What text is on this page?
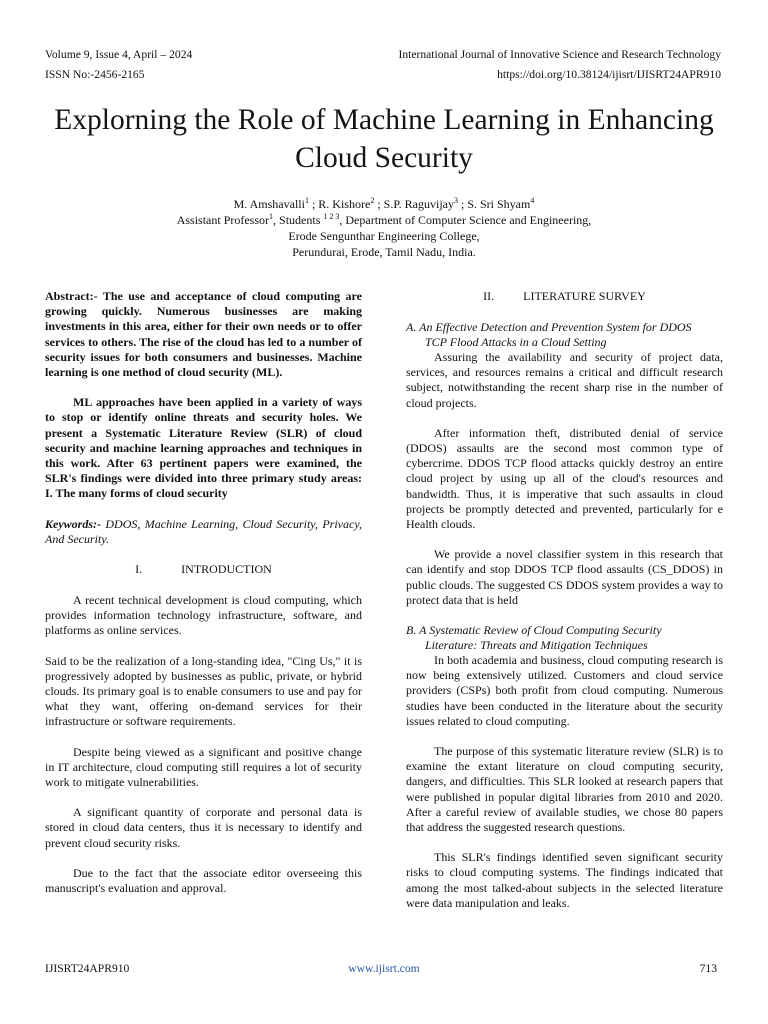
Volume 9, Issue 4, April – 2024
ISSN No:-2456-2165
International Journal of Innovative Science and Research Technology
https://doi.org/10.38124/ijisrt/IJISRT24APR910
Explorning the Role of Machine Learning in Enhancing Cloud Security
M. Amshavalli$^1$ ; R. Kishore$^2$ ; S.P. Raguvijay$^3$ ; S. Sri Shyam$^4$
Assistant Professor$^1$, Students $^{1 2 3}$, Department of Computer Science and Engineering,
Erode Sengunthar Engineering College,
Perundurai, Erode, Tamil Nadu, India.

Abstract:- The use and acceptance of cloud computing are growing quickly. Numerous businesses are making investments in this area, either for their own needs or to offer services to others. The rise of the cloud has led to a number of security issues for both consumers and businesses. Machine learning is one method of cloud security (ML).

ML approaches have been applied in a variety of ways to stop or identify online threats and security holes. We present a Systematic Literature Review (SLR) of cloud security and machine learning approaches and techniques in this work. After 63 pertinent papers were examined, the SLR's findings were divided into three primary study areas: I. The many forms of cloud security

Keywords:- DDOS, Machine Learning, Cloud Security, Privacy, And Security.

I.	INTRODUCTION

A recent technical development is cloud computing, which provides information technology infrastructure, software, and platforms as online services.

Said to be the realization of a long-standing idea, "Cing Us," it is progressively adopted by businesses as public, private, or hybrid clouds. Its primary goal is to enable consumers to use and pay for what they want, offering on-demand services for their infrastructure or software requirements.

Despite being viewed as a significant and positive change in IT architecture, cloud computing still requires a lot of security work to mitigate vulnerabilities.

A significant quantity of corporate and personal data is stored in cloud data centers, thus it is necessary to identify and prevent cloud security risks.

Due to the fact that the associate editor overseeing this manuscript's evaluation and approval.

II.	LITERATURE SURVEY
A. An Effective Detection and Prevention System for DDOS
TCP Flood Attacks in a Cloud Setting

Assuring the availability and security of project data, services, and resources remains a critical and difficult research subject, notwithstanding the recent sharp rise in the number of cloud projects.

After information theft, distributed denial of service (DDOS) assaults are the second most common type of cybercrime. DDOS TCP flood attacks quickly destroy an entire cloud project by using up all of the cloud's resources and bandwidth. Thus, it is imperative that such assaults in cloud projects be promptly detected and prevented, particularly for e Health clouds.

We provide a novel classifier system in this research that can identify and stop DDOS TCP flood assaults (CS_DDOS) in public clouds. The suggested CS DDOS system provides a way to protect data that is held

B. A Systematic Review of Cloud Computing Security
Literature: Threats and Mitigation Techniques

In both academia and business, cloud computing research is now being extensively utilized. Customers and cloud service providers (CSPs) both profit from cloud computing. Numerous studies have been conducted in the literature about the security issues related to cloud computing.

The purpose of this systematic literature review (SLR) is to examine the extant literature on cloud computing security, dangers, and difficulties. This SLR looked at research papers that were published in popular digital libraries from 2010 and 2020. After a careful review of available studies, we chose 80 papers that address the suggested research questions.

This SLR's findings identified seven significant security risks to cloud computing systems. The findings indicated that among the most talked-about subjects in the selected literature were data manipulation and leaks.

IJISRT24APR910	www.ijisrt.com	713
